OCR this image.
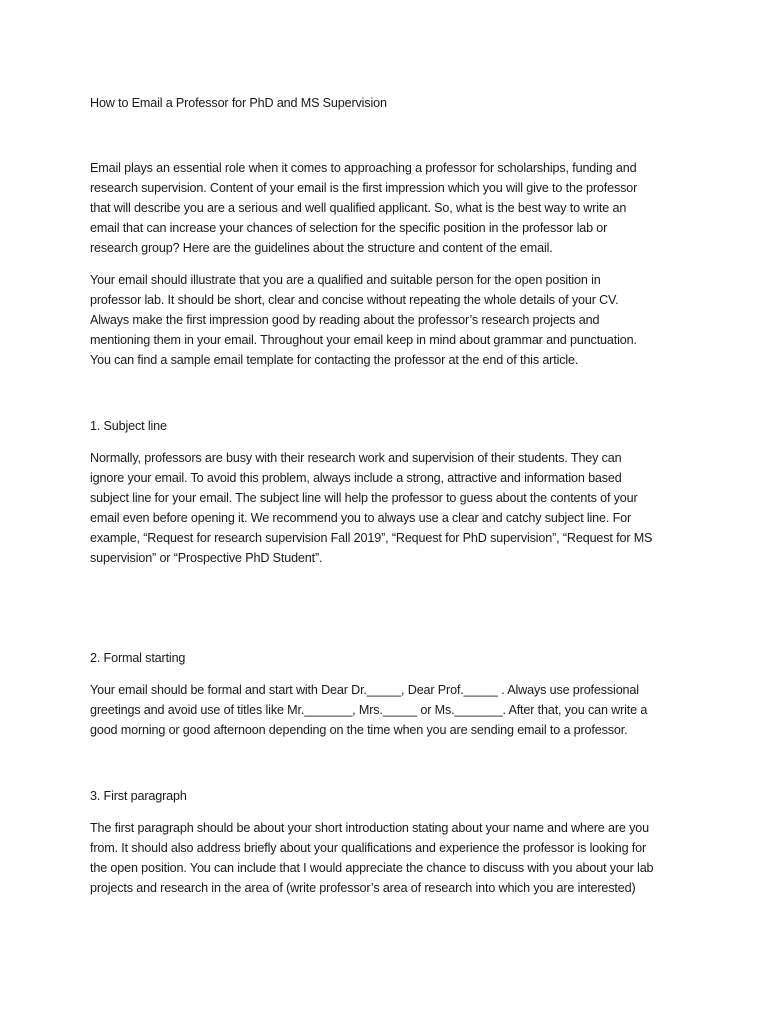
How to Email a Professor for PhD and MS Supervision

Email plays an essential role when it comes to approaching a professor for scholarships, funding and
research supervision. Content of your email is the first impression which you will give to the professor
that will describe you are a serious and well qualified applicant. So, what is the best way to write an
email that can increase your chances of selection for the specific position in the professor lab or
research group? Here are the guidelines about the structure and content of the email.

Your email should illustrate that you are a qualified and suitable person for the open position in
professor lab. It should be short, clear and concise without repeating the whole details of your CV.
Always make the first impression good by reading about the professor’s research projects and
mentioning them in your email. Throughout your email keep in mind about grammar and punctuation.
You can find a sample email template for contacting the professor at the end of this article.

1. Subject line

Normally, professors are busy with their research work and supervision of their students. They can
ignore your email. To avoid this problem, always include a strong, attractive and information based
subject line for your email. The subject line will help the professor to guess about the contents of your
email even before opening it. We recommend you to always use a clear and catchy subject line. For
example, “Request for research supervision Fall 2019”, “Request for PhD supervision”, “Request for MS
supervision” or “Prospective PhD Student”.

2. Formal starting

Your email should be formal and start with Dear Dr._____, Dear Prof._____ . Always use professional
greetings and avoid use of titles like Mr._______, Mrs._____ or Ms._______. After that, you can write a
good morning or good afternoon depending on the time when you are sending email to a professor.

3. First paragraph

The first paragraph should be about your short introduction stating about your name and where are you
from. It should also address briefly about your qualifications and experience the professor is looking for
the open position. You can include that I would appreciate the chance to discuss with you about your lab
projects and research in the area of (write professor’s area of research into which you are interested)
